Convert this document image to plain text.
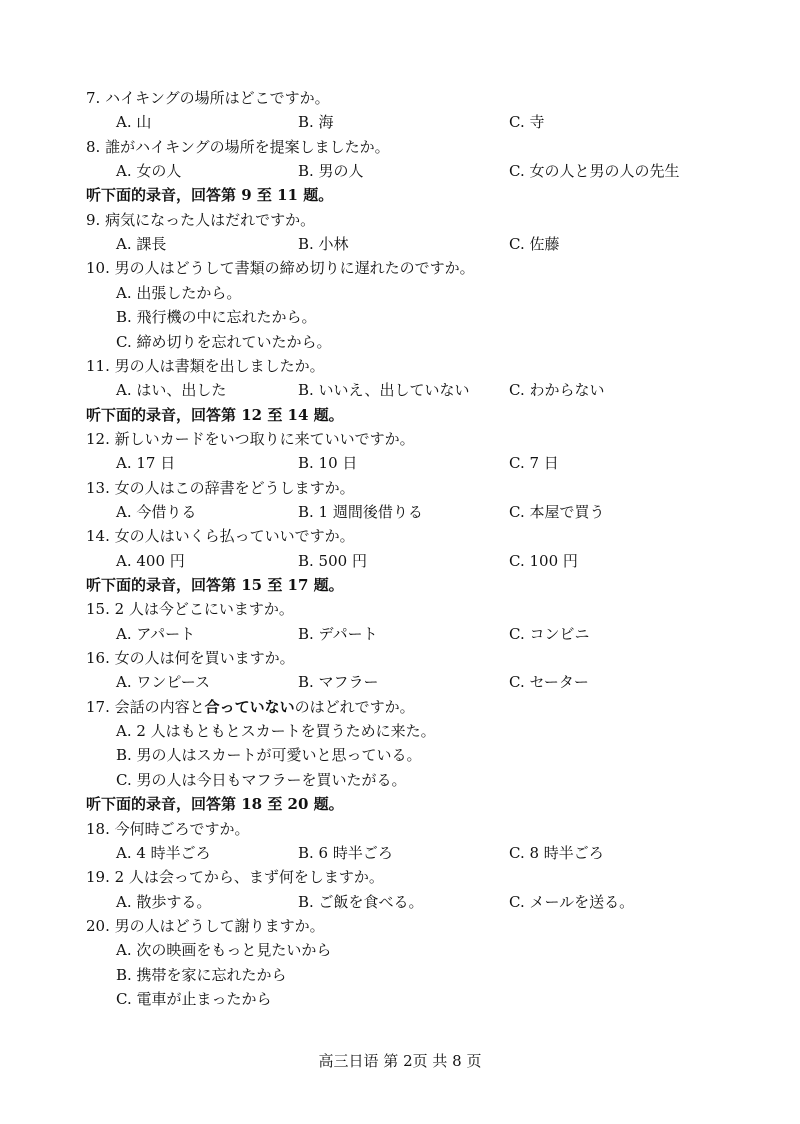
7. ハイキングの場所はどこですか。
A. 山	B. 海	C. 寺
8. 誰がハイキングの場所を提案しましたか。
A. 女の人	B. 男の人	C. 女の人と男の人の先生
听下面的录音，回答第 9 至 11 题。
9. 病気になった人はだれですか。
A. 課長	B. 小林	C. 佐藤
10. 男の人はどうして書類の締め切りに遅れたのですか。
A. 出張したから。
B. 飛行機の中に忘れたから。
C. 締め切りを忘れていたから。
11. 男の人は書類を出しましたか。
A. はい、出した	B. いいえ、出していない	C. わからない
听下面的录音，回答第 12 至 14 题。
12. 新しいカードをいつ取りに来ていいですか。
A. 17 日	B. 10 日	C. 7 日
13. 女の人はこの辞書をどうしますか。
A. 今借りる	B. 1 週間後借りる	C. 本屋で買う
14. 女の人はいくら払っていいですか。
A. 400 円	B. 500 円	C. 100 円
听下面的录音，回答第 15 至 17 题。
15. 2 人は今どこにいますか。
A. アパート	B. デパート	C. コンビニ
16. 女の人は何を買いますか。
A. ワンピース	B. マフラー	C. セーター
17. 会話の内容と合っていないのはどれですか。
A. 2 人はもともとスカートを買うために来た。
B. 男の人はスカートが可愛いと思っている。
C. 男の人は今日もマフラーを買いたがる。
听下面的录音，回答第 18 至 20 题。
18. 今何時ごろですか。
A. 4 時半ごろ	B. 6 時半ごろ	C. 8 時半ごろ
19. 2 人は会ってから、まず何をしますか。
A. 散歩する。	B. ご飯を食べる。	C. メールを送る。
20. 男の人はどうして謝りますか。
A. 次の映画をもっと見たいから
B. 携帯を家に忘れたから
C. 電車が止まったから
高三日语 第 2页 共 8 页
